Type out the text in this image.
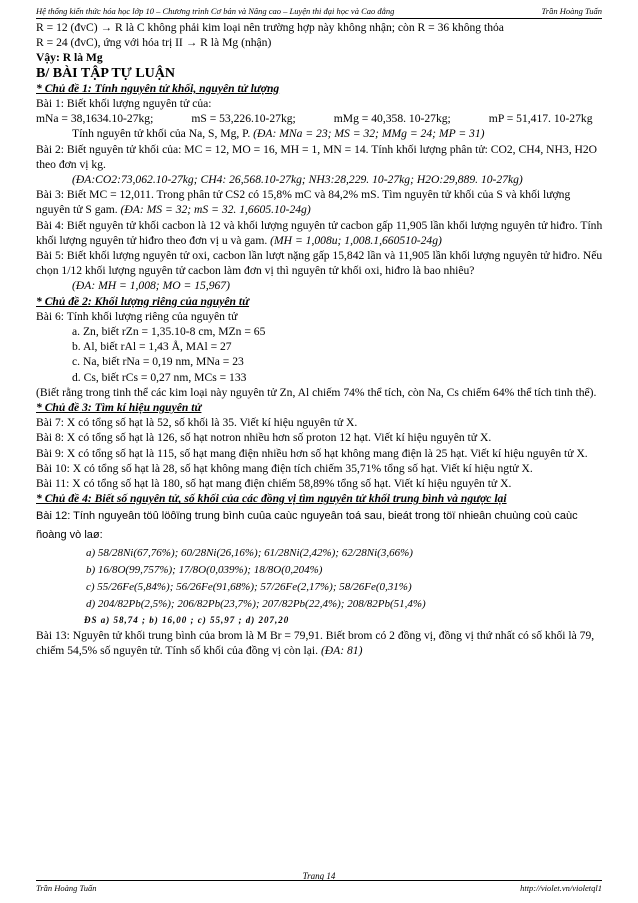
Hệ thống kiến thức hóa học lớp 10 – Chương trình Cơ bản và Nâng cao – Luyện thi đại học và Cao đẳng	Trần Hoàng Tuấn

R = 12 (đvC) → R là C không phải kim loại nên trường hợp này không nhận; còn R = 36 không thỏa

R = 24 (đvC), ứng với hóa trị II → R là Mg (nhận)

Vậy: R là Mg

B/ BÀI TẬP TỰ LUẬN

* Chủ đề 1: Tính nguyên tử khối, nguyên tử lượng

Bài 1: Biết khối lượng nguyên tử của:

mNa = 38,1634.10-27kg;	mS = 53,226.10-27kg;	mMg = 40,358. 10-27kg;	mP = 51,417. 10-27kg

Tính nguyên tử khối của Na, S, Mg, P. (ĐA: MNa = 23; MS = 32; MMg = 24; MP = 31)

Bài 2: Biết nguyên tử khối của: MC = 12, MO = 16, MH = 1, MN = 14. Tính khối lượng phân tử: CO2, CH4, NH3, H2O theo đơn vị kg.

(ĐA:CO2:73,062.10-27kg; CH4: 26,568.10-27kg; NH3:28,229. 10-27kg; H2O:29,889. 10-27kg)

Bài 3: Biết MC = 12,011. Trong phân tử CS2 có 15,8% mC và 84,2% mS. Tìm nguyên tử khối của S và khối lượng nguyên tử S gam. (ĐA: MS = 32; mS = 32. 1,6605.10-24g)

Bài 4: Biết nguyên tử khối cacbon là 12 và khối lượng nguyên tử cacbon gấp 11,905 lần khối lượng nguyên tử hiđro. Tính khối lượng nguyên tử hiđro theo đơn vị u và gam. (MH = 1,008u; 1,008.1,660510-24g)

Bài 5: Biết khối lượng nguyên tử oxi, cacbon lần lượt nặng gấp 15,842 lần và 11,905 lần khối lượng nguyên tử hiđro. Nếu chọn 1/12 khối lượng nguyên tử cacbon làm đơn vị thì nguyên tử khối oxi, hiđro là bao nhiêu?

(ĐA: MH = 1,008; MO = 15,967)

* Chủ đề 2: Khối lượng riêng của nguyên tử

Bài 6: Tính khối lượng riêng của nguyên tử

a. Zn, biết rZn = 1,35.10-8 cm, MZn = 65

b. Al, biết rAl = 1,43 Å, MAl = 27

c. Na, biết rNa = 0,19 nm, MNa = 23

d. Cs, biết rCs = 0,27 nm, MCs = 133

(Biết rằng trong tinh thể các kim loại này nguyên tử Zn, Al chiếm 74% thể tích, còn Na, Cs chiếm 64% thể tích tinh thể).

* Chủ đề 3: Tìm kí hiệu nguyên tử

Bài 7: X có tổng số hạt là 52, số khối là 35. Viết kí hiệu nguyên tử X.

Bài 8: X có tổng số hạt là 126, số hạt notron nhiều hơn số proton 12 hạt. Viết kí hiệu nguyên tử X.

Bài 9: X có tổng số hạt là 115, số hạt mang điện nhiều hơn số hạt không mang điện là 25 hạt. Viết kí hiệu nguyên tử X.

Bài 10: X có tổng số hạt là 28, số hạt không mang điện tích chiếm 35,71% tổng số hạt. Viết kí hiệu ngtử X.

Bài 11: X có tổng số hạt là 180, số hạt mang điện chiếm 58,89% tổng số hạt. Viết kí hiệu nguyên tử X.

* Chủ đề 4: Biết số nguyên tử, số khối của các đồng vị tìm nguyên tử khối trung bình và ngược lại

Bài 12: Tính nguyeân töû löôïng trung bình cuûa caùc nguyeân toá sau, bieát trong töï nhieân chuùng coù caùc ñoàng vò laø:

a) 58/28Ni(67,76%); 60/28Ni(26,16%); 61/28Ni(2,42%); 62/28Ni(3,66%)

b) 16/8O(99,757%); 17/8O(0,039%); 18/8O(0,204%)

c) 55/26Fe(5,84%); 56/26Fe(91,68%); 57/26Fe(2,17%); 58/26Fe(0,31%)

d) 204/82Pb(2,5%); 206/82Pb(23,7%); 207/82Pb(22,4%); 208/82Pb(51,4%)

ĐS a) 58,74 ; b) 16,00 ; c) 55,97 ; d) 207,20

Bài 13: Nguyên tử khối trung bình của brom là M Br = 79,91. Biết brom có 2 đồng vị, đồng vị thứ nhất có số khối là 79, chiếm 54,5% số nguyên tử. Tính số khối của đồng vị còn lại. (ĐA: 81)

Trang 14
Trần Hoàng Tuấn	http://violet.vn/violetql1
